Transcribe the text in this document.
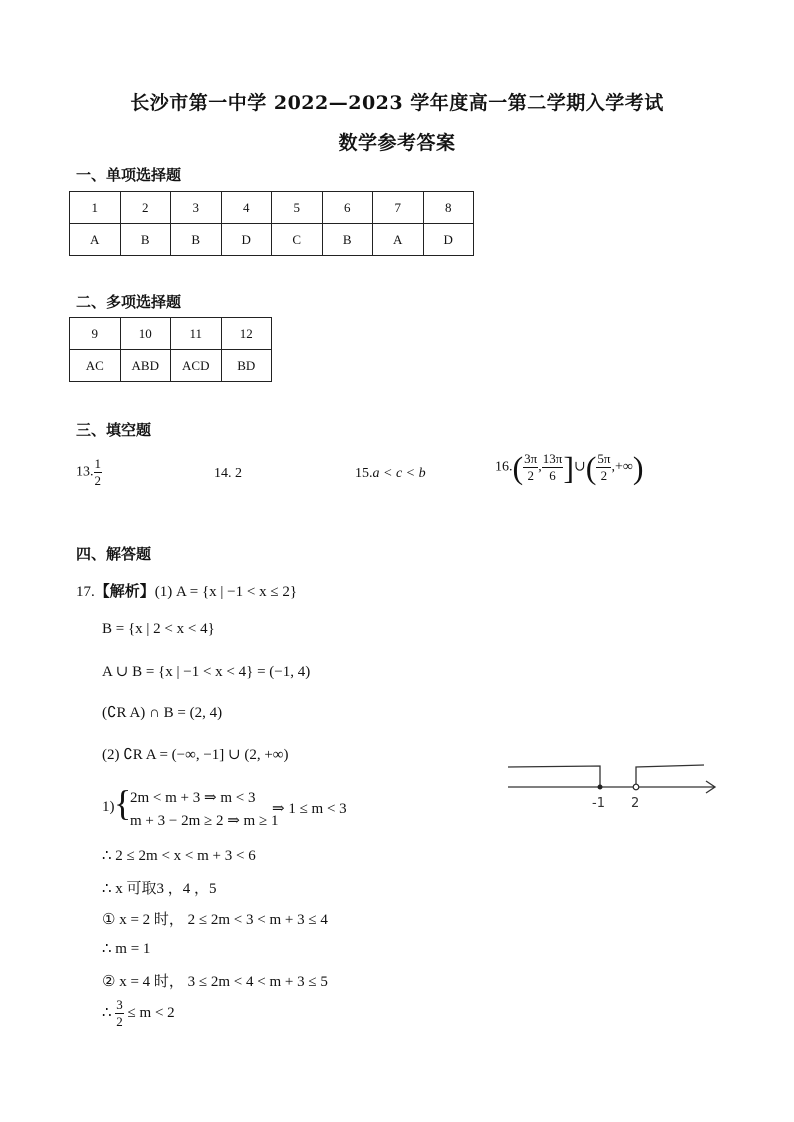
长沙市第一中学 2022—2023 学年度高一第二学期入学考试
数学参考答案
一、单项选择题
1	2	3	4	5	6	7	8
A	B	B	D	C	B	A	D
二、多项选择题
9	10	11	12
AC	ABD	ACD	BD
三、填空题
13. $\frac{1}{2}$	14. 2	15.a < c < b	$16.( \frac{3\pi}{2}$ , $\frac{13\pi}{6}$ ]∪( $\frac{5\pi}{2}$ ,+∞)
四、解答题
17.【解析】(1) A = {x | −1 < x ≤ 2}
B = {x | 2 < x < 4}
A ∪ B = {x | −1 < x < 4} = (−1, 4)
(∁R A) ∩ B = (2, 4)
(2) ∁R A = (−∞, −1] ∪ (2, +∞)
1) {
2m < m + 3 ⇒ m < 3
m + 3 − 2m ≥ 2 ⇒ m ≥ 1
⇒ 1 ≤ m < 3
∴ 2 ≤ 2m < x < m + 3 < 6
∴ x 可取3 ，4 ，5
① x = 2 时， 2 ≤ 2m < 3 < m + 3 ≤ 4
∴ m = 1
② x = 4 时， 3 ≤ 2m < 4 < m + 3 ≤ 5
∴ $\frac{3}{2} \le m < 2$
-1 2
